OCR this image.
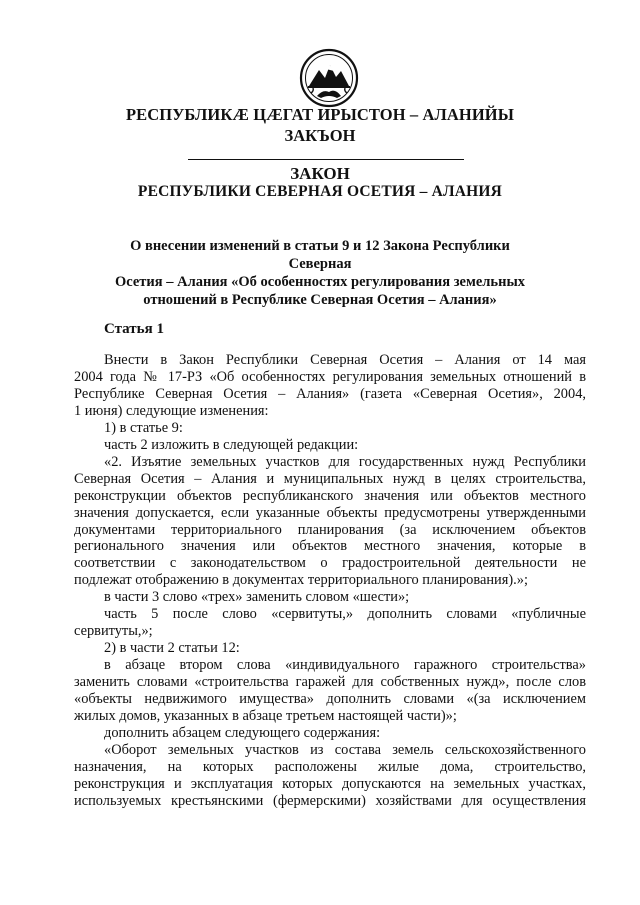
РЕСПУБЛИКÆ ЦÆГАТ ИРЫСТОН – АЛАНИЙЫ
ЗАКЪОН
ЗАКОН
РЕСПУБЛИКИ СЕВЕРНАЯ ОСЕТИЯ – АЛАНИЯ
О внесении изменений в статьи 9 и 12 Закона Республики Северная
Осетия – Алания «Об особенностях регулирования земельных
отношений в Республике Северная Осетия – Алания»
Статья 1

Внести в Закон Республики Северная Осетия – Алания от 14 мая

2004 года № 17-РЗ «Об особенностях регулирования земельных отношений в

Республике Северная Осетия – Алания» (газета «Северная Осетия», 2004,

1 июня) следующие изменения:

1) в статье 9:

часть 2 изложить в следующей редакции:

«2. Изъятие земельных участков для государственных нужд Республики

Северная Осетия – Алания и муниципальных нужд в целях строительства,

реконструкции объектов республиканского значения или объектов местного

значения допускается, если указанные объекты предусмотрены утвержденными

документами территориального планирования (за исключением объектов

регионального значения или объектов местного значения, которые в

соответствии с законодательством о градостроительной деятельности не

подлежат отображению в документах территориального планирования).»;

в части 3 слово «трех» заменить словом «шести»;

часть 5 после слово «сервитуты,» дополнить словами «публичные

сервитуты,»;

2) в части 2 статьи 12:

в абзаце втором слова «индивидуального гаражного строительства»

заменить словами «строительства гаражей для собственных нужд», после слов

«объекты недвижимого имущества» дополнить словами «(за исключением

жилых домов, указанных в абзаце третьем настоящей части)»;

дополнить абзацем следующего содержания:

«Оборот земельных участков из состава земель сельскохозяйственного

назначения, на которых расположены жилые дома, строительство,

реконструкция и эксплуатация которых допускаются на земельных участках,

используемых крестьянскими (фермерскими) хозяйствами для осуществления
